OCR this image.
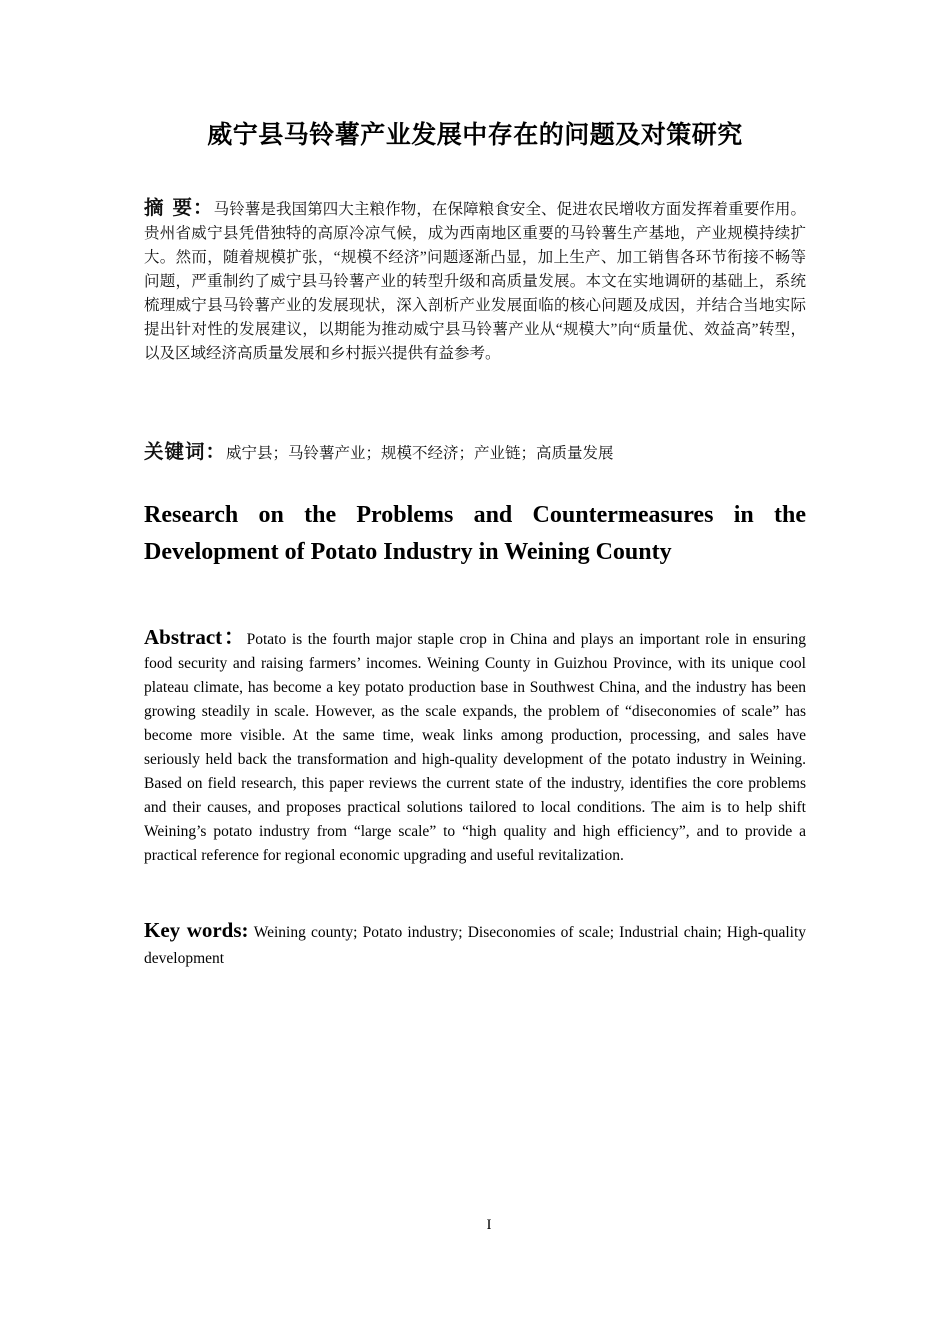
威宁县马铃薯产业发展中存在的问题及对策研究
摘 要：马铃薯是我国第四大主粮作物，在保障粮食安全、促进农民增收方面发挥着重要作用。贵州省威宁县凭借独特的高原冷凉气候，成为西南地区重要的马铃薯生产基地，产业规模持续扩大。然而，随着规模扩张，“规模不经济”问题逐渐凸显，加上生产、加工销售各环节衔接不畅等问题，严重制约了威宁县马铃薯产业的转型升级和高质量发展。本文在实地调研的基础上，系统梳理威宁县马铃薯产业的发展现状，深入剖析产业发展面临的核心问题及成因，并结合当地实际提出针对性的发展建议，以期能为推动威宁县马铃薯产业从“规模大”向“质量优、效益高”转型，以及区域经济高质量发展和乡村振兴提供有益参考。
关键词：威宁县；马铃薯产业；规模不经济；产业链；高质量发展
Research on the Problems and Countermeasures in the Development of Potato Industry in Weining County
Abstract：Potato is the fourth major staple crop in China and plays an important role in ensuring food security and raising farmers’ incomes. Weining County in Guizhou Province, with its unique cool plateau climate, has become a key potato production base in Southwest China, and the industry has been growing steadily in scale. However, as the scale expands, the problem of “diseconomies of scale” has become more visible. At the same time, weak links among production, processing, and sales have seriously held back the transformation and high-quality development of the potato industry in Weining. Based on field research, this paper reviews the current state of the industry, identifies the core problems and their causes, and proposes practical solutions tailored to local conditions. The aim is to help shift Weining’s potato industry from “large scale” to “high quality and high efficiency”, and to provide a practical reference for regional economic upgrading and useful revitalization.
Key words: Weining county; Potato industry; Diseconomies of scale; Industrial chain; High-quality development
I
